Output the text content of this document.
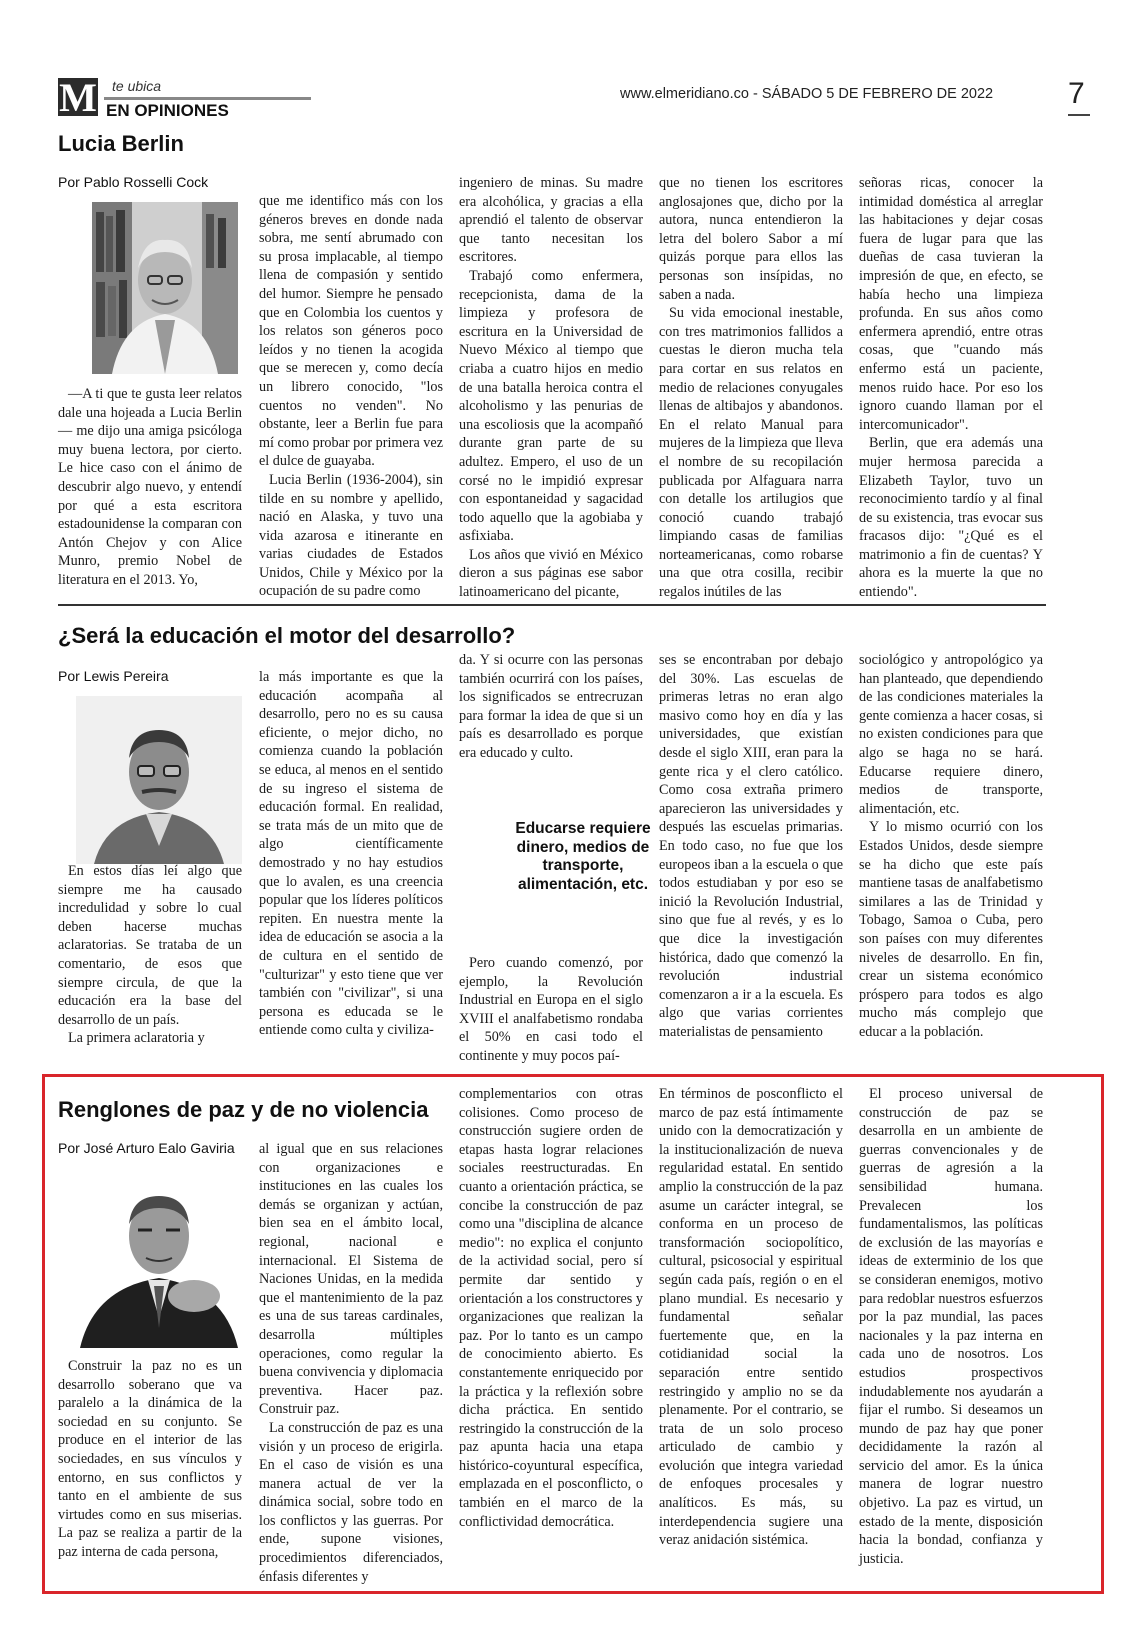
M te ubica
EN OPINIONES
www.elmeridiano.co - SÁBADO 5 DE FEBRERO DE 2022 7
Lucia Berlin
Por Pablo Rosselli Cock

—A ti que te gusta leer relatos dale una hojeada a Lucia Berlin— me dijo una amiga psicóloga muy buena lectora, por cierto. Le hice caso con el ánimo de descubrir algo nuevo, y entendí por qué a esta escritora estadounidense la comparan con Antón Chejov y con Alice Munro, premio Nobel de literatura en el 2013. Yo,

que me identifico más con los géneros breves en donde nada sobra, me sentí abrumado con su prosa implacable, al tiempo llena de compasión y sentido del humor. Siempre he pensado que en Colombia los cuentos y los relatos son géneros poco leídos y no tienen la acogida que se merecen y, como decía un librero conocido, "los cuentos no venden". No obstante, leer a Berlin fue para mí como probar por primera vez el dulce de guayaba.

Lucia Berlin (1936-2004), sin tilde en su nombre y apellido, nació en Alaska, y tuvo una vida azarosa e itinerante en varias ciudades de Estados Unidos, Chile y México por la ocupación de su padre como

ingeniero de minas. Su madre era alcohólica, y gracias a ella aprendió el talento de observar que tanto necesitan los escritores.

Trabajó como enfermera, recepcionista, dama de la limpieza y profesora de escritura en la Universidad de Nuevo México al tiempo que criaba a cuatro hijos en medio de una batalla heroica contra el alcoholismo y las penurias de una escoliosis que la acompañó durante gran parte de su adultez. Empero, el uso de un corsé no le impidió expresar con espontaneidad y sagacidad todo aquello que la agobiaba y asfixiaba.

Los años que vivió en México dieron a sus páginas ese sabor latinoamericano del picante,

que no tienen los escritores anglosajones que, dicho por la autora, nunca entendieron la letra del bolero Sabor a mí quizás porque para ellos las personas son insípidas, no saben a nada.

Su vida emocional inestable, con tres matrimonios fallidos a cuestas le dieron mucha tela para cortar en sus relatos en medio de relaciones conyugales llenas de altibajos y abandonos. En el relato Manual para mujeres de la limpieza que lleva el nombre de su recopilación publicada por Alfaguara narra con detalle los artilugios que conoció cuando trabajó limpiando casas de familias norteamericanas, como robarse una que otra cosilla, recibir regalos inútiles de las

señoras ricas, conocer la intimidad doméstica al arreglar las habitaciones y dejar cosas fuera de lugar para que las dueñas de casa tuvieran la impresión de que, en efecto, se había hecho una limpieza profunda. En sus años como enfermera aprendió, entre otras cosas, que "cuando más enfermo está un paciente, menos ruido hace. Por eso los ignoro cuando llaman por el intercomunicador".

Berlin, que era además una mujer hermosa parecida a Elizabeth Taylor, tuvo un reconocimiento tardío y al final de su existencia, tras evocar sus fracasos dijo: "¿Qué es el matrimonio a fin de cuentas? Y ahora es la muerte la que no entiendo".

¿Será la educación el motor del desarrollo?
Por Lewis Pereira

En estos días leí algo que siempre me ha causado incredulidad y sobre lo cual deben hacerse muchas aclaratorias. Se trataba de un comentario, de esos que siempre circula, de que la educación era la base del desarrollo de un país.

La primera aclaratoria y

la más importante es que la educación acompaña al desarrollo, pero no es su causa eficiente, o mejor dicho, no comienza cuando la población se educa, al menos en el sentido de su ingreso el sistema de educación formal. En realidad, se trata más de un mito que de algo científicamente demostrado y no hay estudios que lo avalen, es una creencia popular que los líderes políticos repiten. En nuestra mente la idea de educación se asocia a la de cultura en el sentido de "culturizar" y esto tiene que ver también con "civilizar", si una persona es educada se le entiende como culta y civiliza-

da. Y si ocurre con las personas también ocurrirá con los países, los significados se entrecruzan para formar la idea de que si un país es desarrollado es porque era educado y culto.

Educarse requiere dinero, medios de transporte, alimentación, etc.

Pero cuando comenzó, por ejemplo, la Revolución Industrial en Europa en el siglo XVIII el analfabetismo rondaba el 50% en casi todo el continente y muy pocos paí-

ses se encontraban por debajo del 30%. Las escuelas de primeras letras no eran algo masivo como hoy en día y las universidades, que existían desde el siglo XIII, eran para la gente rica y el clero católico. Como cosa extraña primero aparecieron las universidades y después las escuelas primarias. En todo caso, no fue que los europeos iban a la escuela o que todos estudiaban y por eso se inició la Revolución Industrial, sino que fue al revés, y es lo que dice la investigación histórica, dado que comenzó la revolución industrial comenzaron a ir a la escuela. Es algo que varias corrientes materialistas de pensamiento

sociológico y antropológico ya han planteado, que dependiendo de las condiciones materiales la gente comienza a hacer cosas, si no existen condiciones para que algo se haga no se hará. Educarse requiere dinero, medios de transporte, alimentación, etc.

Y lo mismo ocurrió con los Estados Unidos, desde siempre se ha dicho que este país mantiene tasas de analfabetismo similares a las de Trinidad y Tobago, Samoa o Cuba, pero son países con muy diferentes niveles de desarrollo. En fin, crear un sistema económico próspero para todos es algo mucho más complejo que educar a la población.

Renglones de paz y de no violencia
Por José Arturo Ealo Gaviria

Construir la paz no es un desarrollo soberano que va paralelo a la dinámica de la sociedad en su conjunto. Se produce en el interior de las sociedades, en sus vínculos y entorno, en sus conflictos y tanto en el ambiente de sus virtudes como en sus miserias. La paz se realiza a partir de la paz interna de cada persona,

al igual que en sus relaciones con organizaciones e instituciones en las cuales los demás se organizan y actúan, bien sea en el ámbito local, regional, nacional e internacional. El Sistema de Naciones Unidas, en la medida que el mantenimiento de la paz es una de sus tareas cardinales, desarrolla múltiples operaciones, como regular la buena convivencia y diplomacia preventiva. Hacer paz. Construir paz.

La construcción de paz es una visión y un proceso de erigirla. En el caso de visión es una manera actual de ver la dinámica social, sobre todo en los conflictos y las guerras. Por ende, supone visiones, procedimientos diferenciados, énfasis diferentes y

complementarios con otras colisiones. Como proceso de construcción sugiere orden de etapas hasta lograr relaciones sociales reestructuradas. En cuanto a orientación práctica, se concibe la construcción de paz como una "disciplina de alcance medio": no explica el conjunto de la actividad social, pero sí permite dar sentido y orientación a los constructores y organizaciones que realizan la paz. Por lo tanto es un campo de conocimiento abierto. Es constantemente enriquecido por la práctica y la reflexión sobre dicha práctica. En sentido restringido la construcción de la paz apunta hacia una etapa histórico-coyuntural específica, emplazada en el posconflicto, o también en el marco de la conflictividad democrática.

En términos de posconflicto el marco de paz está íntimamente unido con la democratización y la institucionalización de nueva regularidad estatal. En sentido amplio la construcción de la paz asume un carácter integral, se conforma en un proceso de transformación sociopolítico, cultural, psicosocial y espiritual según cada país, región o en el plano mundial. Es necesario y fundamental señalar fuertemente que, en la cotidianidad social la separación entre sentido restringido y amplio no se da plenamente. Por el contrario, se trata de un solo proceso articulado de cambio y evolución que integra variedad de enfoques procesales y analíticos. Es más, su interdependencia sugiere una veraz anidación sistémica.

El proceso universal de construcción de paz se desarrolla en un ambiente de guerras convencionales y de guerras de agresión a la sensibilidad humana. Prevalecen los fundamentalismos, las políticas de exclusión de las mayorías e ideas de exterminio de los que se consideran enemigos, motivo para redoblar nuestros esfuerzos por la paz mundial, las paces nacionales y la paz interna en cada uno de nosotros. Los estudios prospectivos indudablemente nos ayudarán a fijar el rumbo. Si deseamos un mundo de paz hay que poner decididamente la razón al servicio del amor. Es la única manera de lograr nuestro objetivo. La paz es virtud, un estado de la mente, disposición hacia la bondad, confianza y justicia.
